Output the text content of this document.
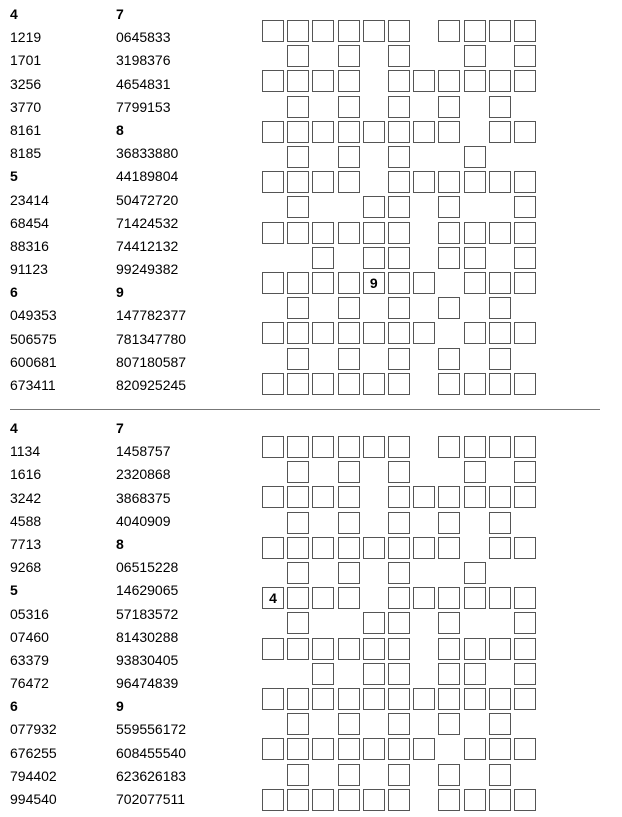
4
1219
1701
3256
3770
8161
8185
5
23414
68454
88316
91123
6
049353
506575
600681
673411
7
0645833
3198376
4654831
7799153
8
36833880
44189804
50472720
71424532
74412132
99249382
9
147782377
781347780
807180587
820925245
9
4
1134
1616
3242
4588
7713
9268
5
05316
07460
63379
76472
6
077932
676255
794402
994540
7
1458757
2320868
3868375
4040909
8
06515228
14629065
57183572
81430288
93830405
96474839
9
559556172
608455540
623626183
702077511
4
